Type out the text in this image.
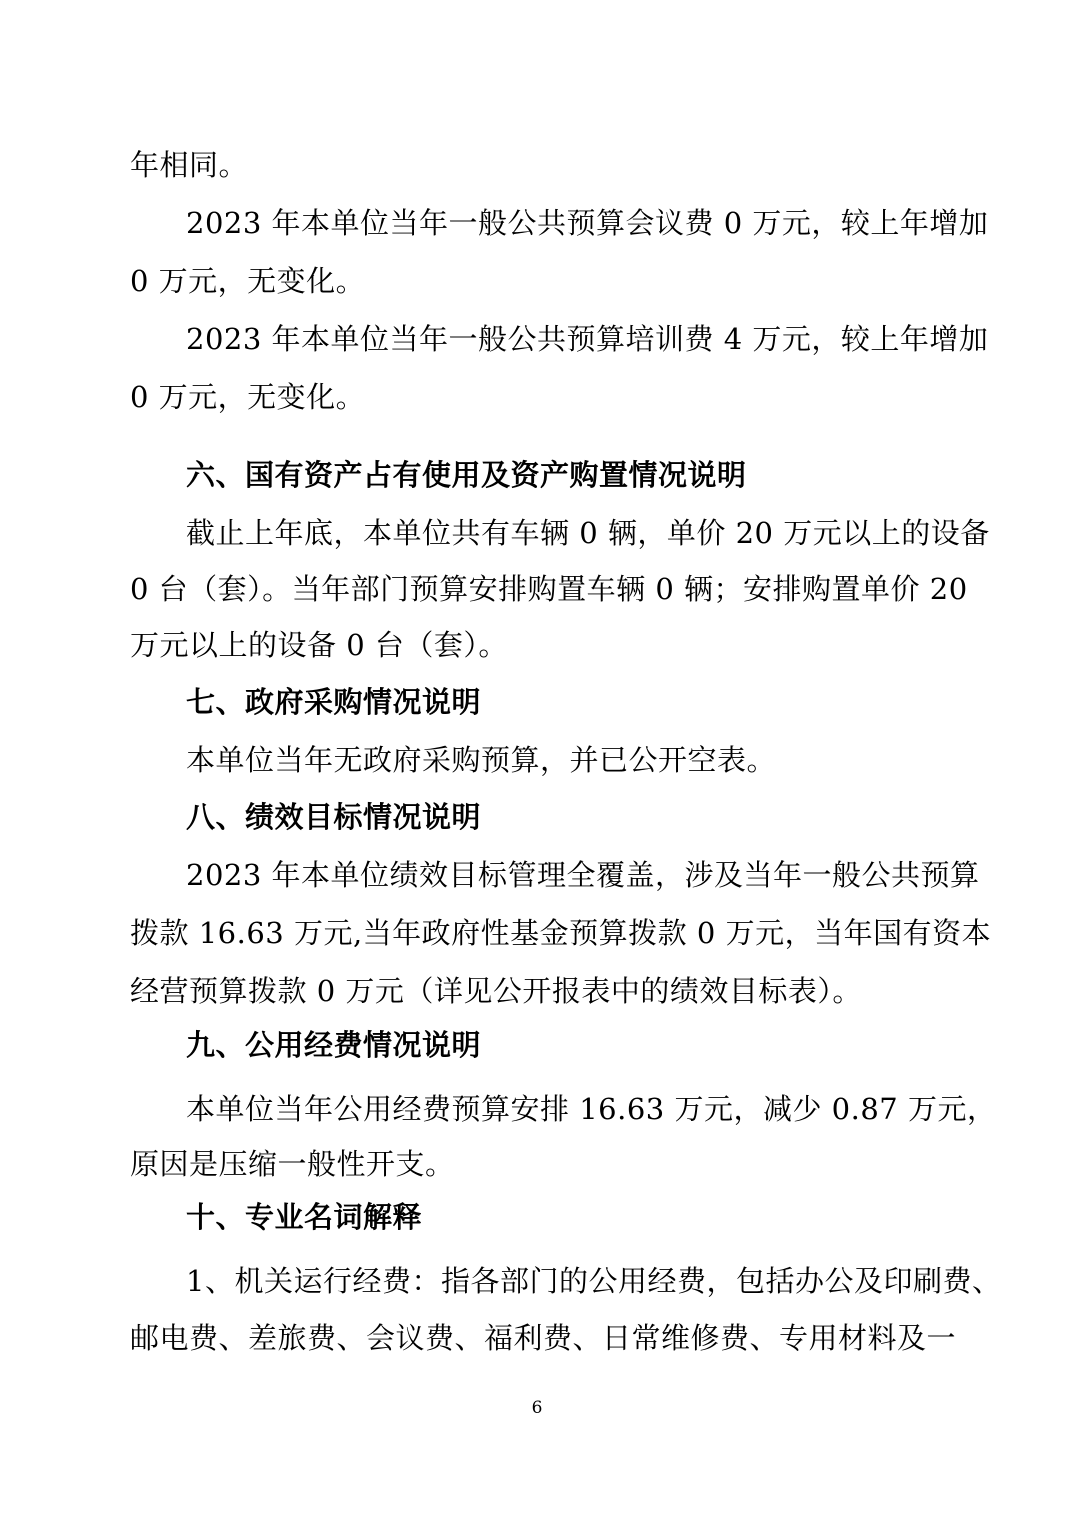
年相同。
2023 年本单位当年一般公共预算会议费 0 万元，较上年增加
0 万元，无变化。
2023 年本单位当年一般公共预算培训费 4 万元，较上年增加
0 万元，无变化。
六、国有资产占有使用及资产购置情况说明
截止上年底，本单位共有车辆 0 辆，单价 20 万元以上的设备
0 台（套）。当年部门预算安排购置车辆 0 辆；安排购置单价 20
万元以上的设备 0 台（套）。
七、政府采购情况说明
本单位当年无政府采购预算，并已公开空表。
八、绩效目标情况说明
2023 年本单位绩效目标管理全覆盖，涉及当年一般公共预算
拨款 16.63 万元,当年政府性基金预算拨款 0 万元，当年国有资本
经营预算拨款 0 万元（详见公开报表中的绩效目标表）。
九、公用经费情况说明
本单位当年公用经费预算安排 16.63 万元，减少 0.87 万元，
原因是压缩一般性开支。
十、专业名词解释
1、机关运行经费：指各部门的公用经费，包括办公及印刷费、
邮电费、差旅费、会议费、福利费、日常维修费、专用材料及一
6
